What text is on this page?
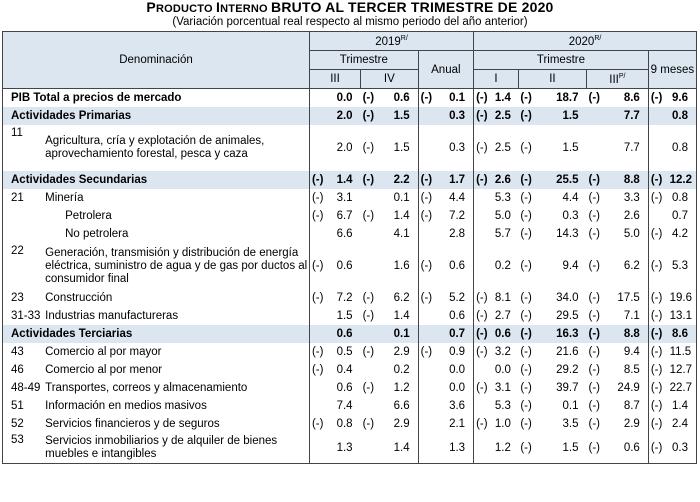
PRODUCTO INTERNO BRUTO AL TERCER TRIMESTRE DE 2020
(Variación porcentual real respecto al mismo periodo del año anterior)
Denominación		$2019^{R/}$						$2020^{R/}$
		Trimestre				Anual		Trimestre						9 meses	
		III		IV				I		II		$III^{P/}$
PIB Total a precios de mercado			0.0	(-)	0.6	(-)	0.1	(-)	1.4	(-)	18.7	(-)	8.6	(-)	9.6
Actividades Primarias			2.0	(-)	1.5		0.3	(-)	2.5	(-)	1.5		7.7		0.8
11	Agricultura, cría y explotación de animales, aprovechamiento forestal, pesca y caza		2.0	(-)	1.5		0.3	(-)	2.5	(-)	1.5		7.7		0.8
Actividades Secundarias		(-)	1.4	(-)	2.2	(-)	1.7	(-)	2.6	(-)	25.5	(-)	8.8	(-)	12.2
21	Minería	(-)	3.1		0.1	(-)	4.4		5.3	(-)	4.4	(-)	3.3	(-)	0.8
	Petrolera	(-)	6.7	(-)	1.4	(-)	7.2		5.0	(-)	0.3	(-)	2.6		0.7
	No petrolera		6.6		4.1		2.8		5.7	(-)	14.3	(-)	5.0	(-)	4.2
22	Generación, transmisión y distribución de energía eléctrica, suministro de agua y de gas por ductos al consumidor final	(-)	0.6		1.6	(-)	0.6		0.2	(-)	9.4	(-)	6.2	(-)	5.3
23	Construcción	(-)	7.2	(-)	6.2	(-)	5.2	(-)	8.1	(-)	34.0	(-)	17.5	(-)	19.6
31-33	Industrias manufactureras		1.5	(-)	1.4		0.6	(-)	2.7	(-)	29.5	(-)	7.1	(-)	13.1
Actividades Terciarias			0.6		0.1		0.7	(-)	0.6	(-)	16.3	(-)	8.8	(-)	8.6
43	Comercio al por mayor	(-)	0.5	(-)	2.9	(-)	0.9	(-)	3.2	(-)	21.6	(-)	9.4	(-)	11.5
46	Comercio al por menor	(-)	0.4		0.2		0.0		0.0	(-)	29.2	(-)	8.5	(-)	12.7
48-49	Transportes, correos y almacenamiento		0.6	(-)	1.2		0.0	(-)	3.1	(-)	39.7	(-)	24.9	(-)	22.7
51	Información en medios masivos		7.4		6.6		3.6		5.3	(-)	0.1	(-)	8.7	(-)	1.4
52	Servicios financieros y de seguros	(-)	0.8	(-)	2.9		2.1	(-)	1.0	(-)	3.5	(-)	2.9	(-)	2.4
53	Servicios inmobiliarios y de alquiler de bienes muebles e intangibles		1.3		1.4		1.3		1.2	(-)	1.5	(-)	0.6	(-)	0.3
